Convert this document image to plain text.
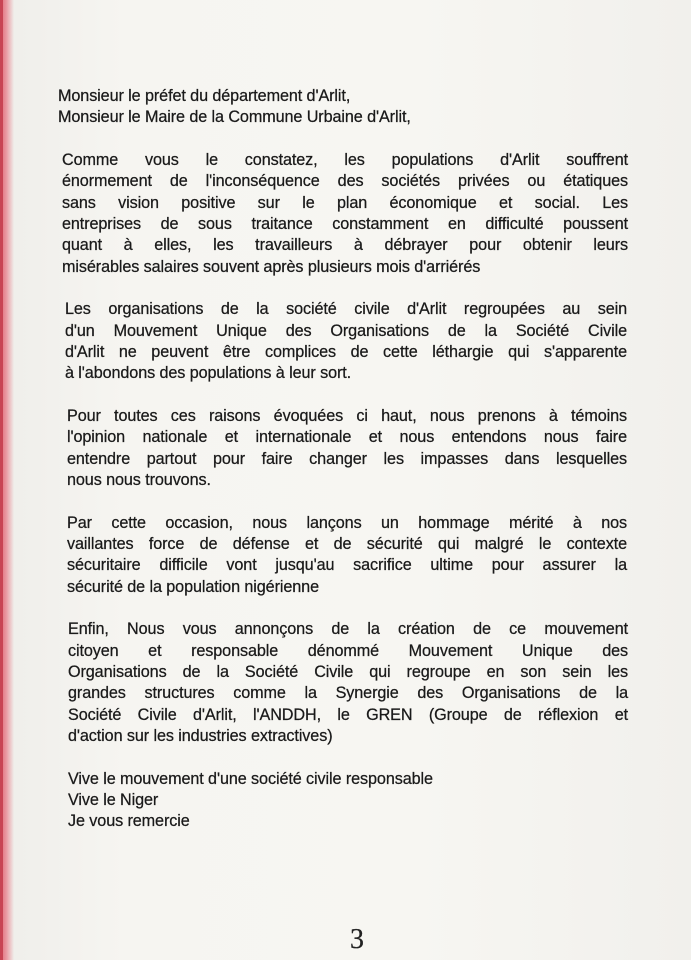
Monsieur le préfet du département d'Arlit,
Monsieur le Maire de la Commune Urbaine d'Arlit,
Comme vous le constatez, les populations d'Arlit souffrent
énormement de l'inconséquence des sociétés privées ou étatiques
sans vision positive sur le plan économique et social. Les
entreprises de sous traitance constamment en difficulté poussent
quant à elles, les travailleurs à débrayer pour obtenir leurs
misérables salaires souvent après plusieurs mois d'arriérés
Les organisations de la société civile d'Arlit regroupées au sein
d'un Mouvement Unique des Organisations de la Société Civile
d'Arlit ne peuvent être complices de cette léthargie qui s'apparente
à l'abondons des populations à leur sort.
Pour toutes ces raisons évoquées ci haut, nous prenons à témoins
l'opinion nationale et internationale et nous entendons nous faire
entendre partout pour faire changer les impasses dans lesquelles
nous nous trouvons.
Par cette occasion, nous lançons un hommage mérité à nos
vaillantes force de défense et de sécurité qui malgré le contexte
sécuritaire difficile vont jusqu'au sacrifice ultime pour assurer la
sécurité de la population nigérienne
Enfin, Nous vous annonçons de la création de ce mouvement
citoyen et responsable dénommé Mouvement Unique des
Organisations de la Société Civile qui regroupe en son sein les
grandes structures comme la Synergie des Organisations de la
Société Civile d'Arlit, l'ANDDH, le GREN (Groupe de réflexion et
d'action sur les industries extractives)
Vive le mouvement d'une société civile responsable
Vive le Niger
Je vous remercie
3
